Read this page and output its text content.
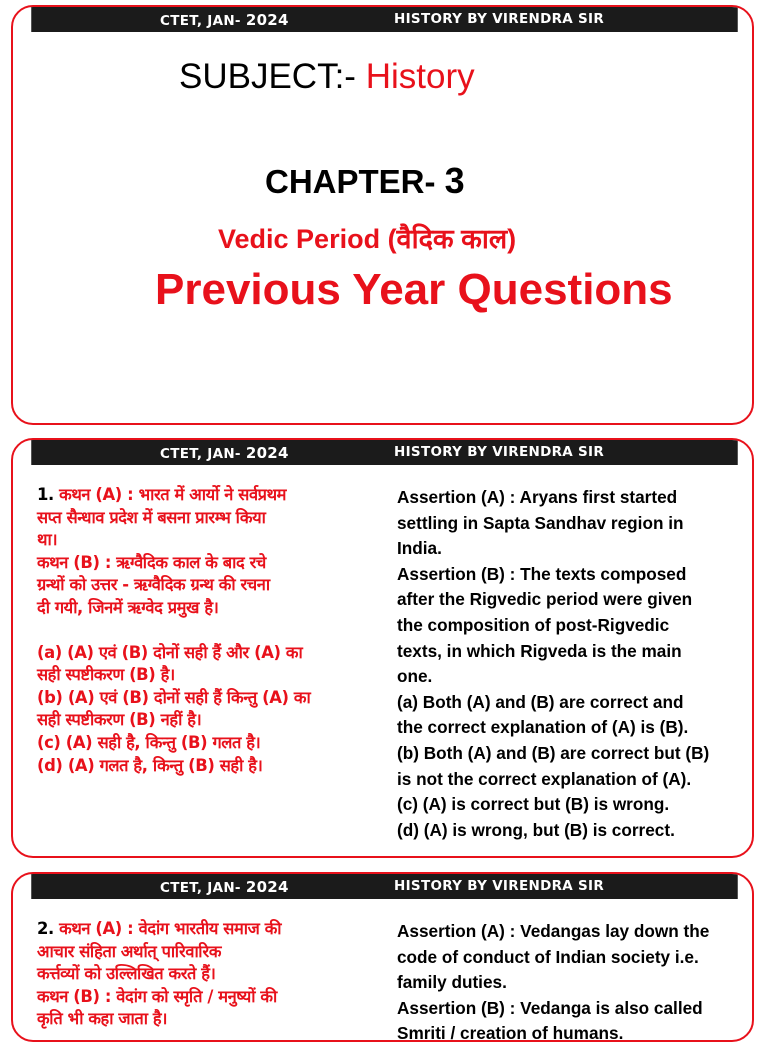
CTET, JAN- 2024	HISTORY BY VIRENDRA SIR
SUBJECT:- History
CHAPTER- 3
Vedic Period (वैदिक काल)
Previous Year Questions
CTET, JAN- 2024	HISTORY BY VIRENDRA SIR
1. कथन (A) : भारत में आर्यो ने सर्वप्रथम
सप्त सैन्धाव प्रदेश में बसना प्रारम्भ किया
था।
कथन (B) : ऋग्वैदिक काल के बाद रचे
ग्रन्थों को उत्तर - ऋग्वैदिक ग्रन्थ की रचना
दी गयी, जिनमें ऋग्वेद प्रमुख है।
(a) (A) एवं (B) दोनों सही हैं और (A) का
सही स्पष्टीकरण (B) है।
(b) (A) एवं (B) दोनों सही हैं किन्तु (A) का
सही स्पष्टीकरण (B) नहीं है।
(c) (A) सही है, किन्तु (B) गलत है।
(d) (A) गलत है, किन्तु (B) सही है।
Assertion (A) : Aryans first started
settling in Sapta Sandhav region in
India.
Assertion (B) : The texts composed
after the Rigvedic period were given
the composition of post-Rigvedic
texts, in which Rigveda is the main
one.
(a) Both (A) and (B) are correct and
the correct explanation of (A) is (B).
(b) Both (A) and (B) are correct but (B)
is not the correct explanation of (A).
(c) (A) is correct but (B) is wrong.
(d) (A) is wrong, but (B) is correct.
CTET, JAN- 2024	HISTORY BY VIRENDRA SIR
2. कथन (A) : वेदांग भारतीय समाज की
आचार संहिता अर्थात् पारिवारिक
कर्त्तव्यों को उल्लिखित करते हैं।
कथन (B) : वेदांग को स्मृति / मनुष्यों की
कृति भी कहा जाता है।
Assertion (A) : Vedangas lay down the
code of conduct of Indian society i.e.
family duties.
Assertion (B) : Vedanga is also called
Smriti / creation of humans.
